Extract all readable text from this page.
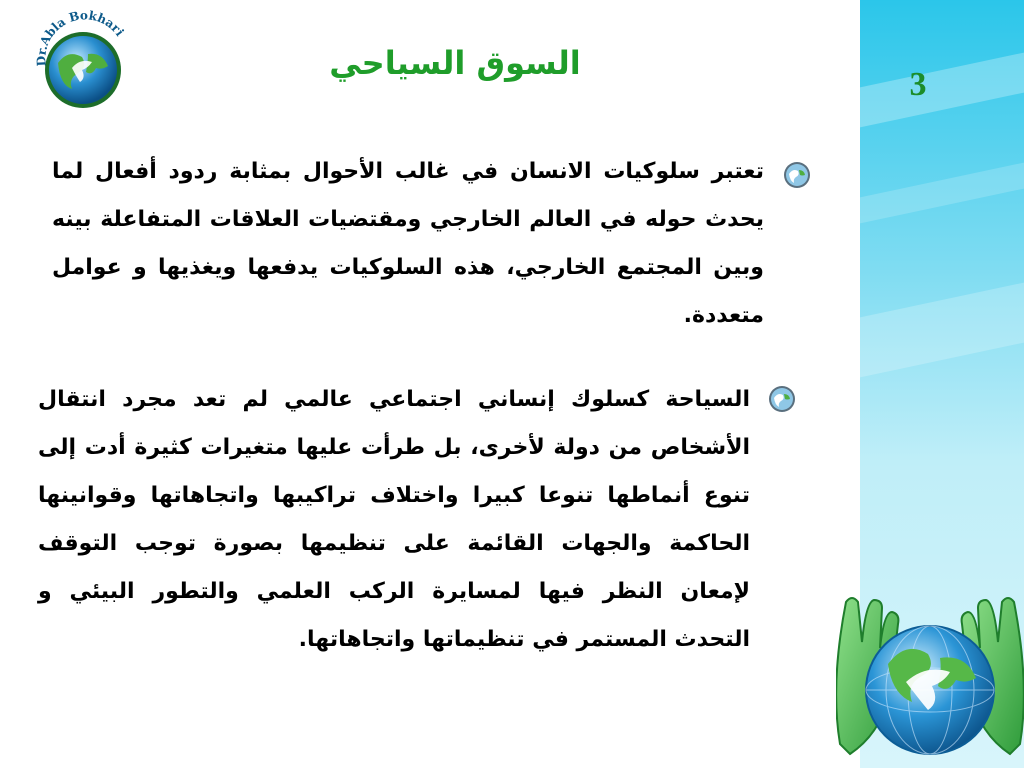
3
Dr.Abla Bokhari
السوق السياحي
تعتبر سلوكيات الانسان في غالب الأحوال بمثابة ردود أفعال لما يحدث حوله في العالم الخارجي ومقتضيات العلاقات المتفاعلة بينه وبين المجتمع الخارجي، هذه السلوكيات يدفعها ويغذيها و عوامل متعددة.
السياحة كسلوك إنساني اجتماعي عالمي لم تعد مجرد انتقال الأشخاص من دولة لأخرى، بل طرأت عليها متغيرات كثيرة أدت إلى تنوع أنماطها تنوعا كبيرا واختلاف تراكيبها واتجاهاتها وقوانينها الحاكمة والجهات القائمة على تنظيمها بصورة توجب التوقف لإمعان النظر فيها لمسايرة الركب العلمي والتطور البيئي و التحدث المستمر في تنظيماتها واتجاهاتها.
